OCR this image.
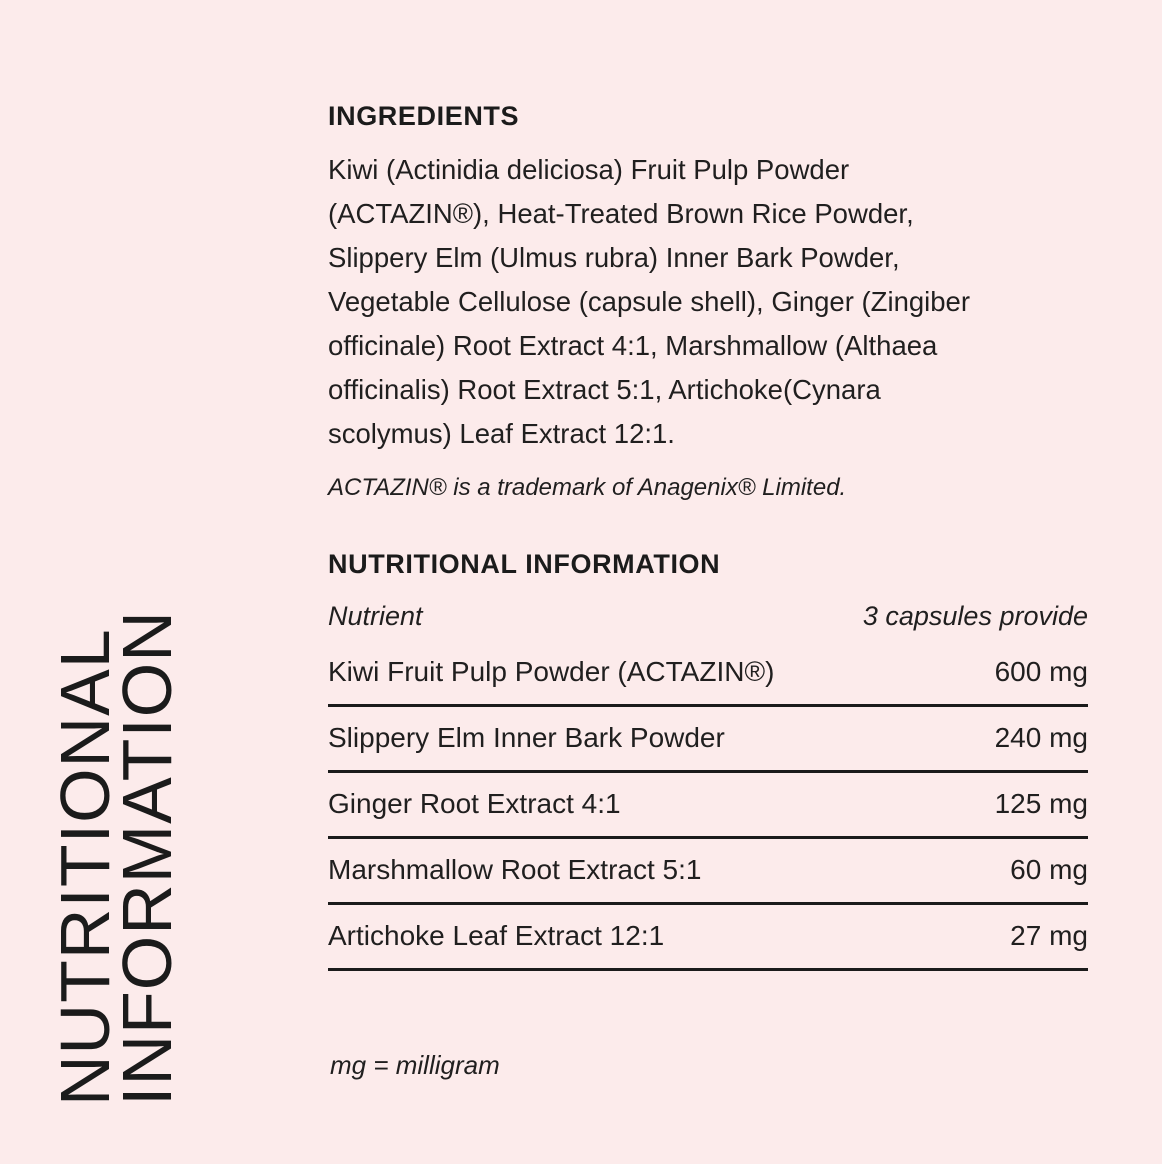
NUTRITIONAL
INFORMATION
INGREDIENTS
Kiwi (Actinidia deliciosa) Fruit Pulp Powder
(ACTAZIN®), Heat-Treated Brown Rice Powder,
Slippery Elm (Ulmus rubra) Inner Bark Powder,
Vegetable Cellulose (capsule shell), Ginger (Zingiber
officinale) Root Extract 4:1, Marshmallow (Althaea
officinalis) Root Extract 5:1, Artichoke(Cynara
scolymus) Leaf Extract 12:1.

ACTAZIN® is a trademark of Anagenix® Limited.

NUTRITIONAL INFORMATION
Nutrient	3 capsules provide
Kiwi Fruit Pulp Powder (ACTAZIN®)	600 mg
Slippery Elm Inner Bark Powder	240 mg
Ginger Root Extract 4:1	125 mg
Marshmallow Root Extract 5:1	60 mg
Artichoke Leaf Extract 12:1	27 mg

mg = milligram
